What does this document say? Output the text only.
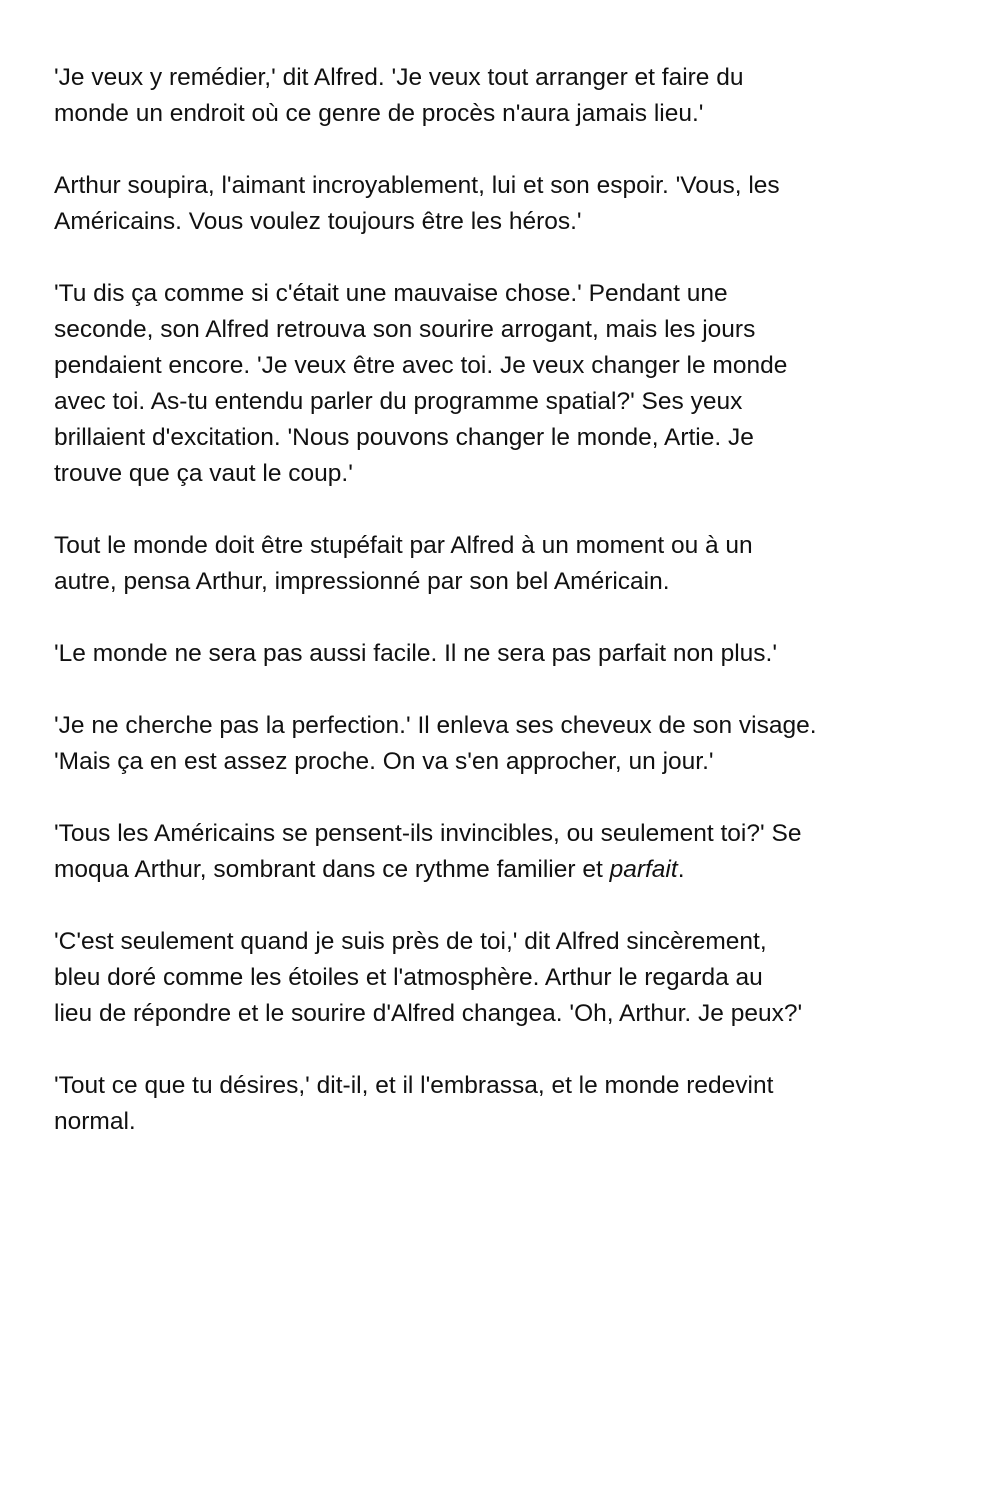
'Je veux y remédier,' dit Alfred. 'Je veux tout arranger et faire du
monde un endroit où ce genre de procès n'aura jamais lieu.'

Arthur soupira, l'aimant incroyablement, lui et son espoir. 'Vous, les
Américains. Vous voulez toujours être les héros.'

'Tu dis ça comme si c'était une mauvaise chose.' Pendant une
seconde, son Alfred retrouva son sourire arrogant, mais les jours
pendaient encore. 'Je veux être avec toi. Je veux changer le monde
avec toi. As-tu entendu parler du programme spatial?' Ses yeux
brillaient d'excitation. 'Nous pouvons changer le monde, Artie. Je
trouve que ça vaut le coup.'

Tout le monde doit être stupéfait par Alfred à un moment ou à un
autre, pensa Arthur, impressionné par son bel Américain.

'Le monde ne sera pas aussi facile. Il ne sera pas parfait non plus.'

'Je ne cherche pas la perfection.' Il enleva ses cheveux de son visage.
'Mais ça en est assez proche. On va s'en approcher, un jour.'

'Tous les Américains se pensent-ils invincibles, ou seulement toi?' Se
moqua Arthur, sombrant dans ce rythme familier et parfait.

'C'est seulement quand je suis près de toi,' dit Alfred sincèrement,
bleu doré comme les étoiles et l'atmosphère. Arthur le regarda au
lieu de répondre et le sourire d'Alfred changea. 'Oh, Arthur. Je peux?'

'Tout ce que tu désires,' dit-il, et il l'embrassa, et le monde redevint
normal.
